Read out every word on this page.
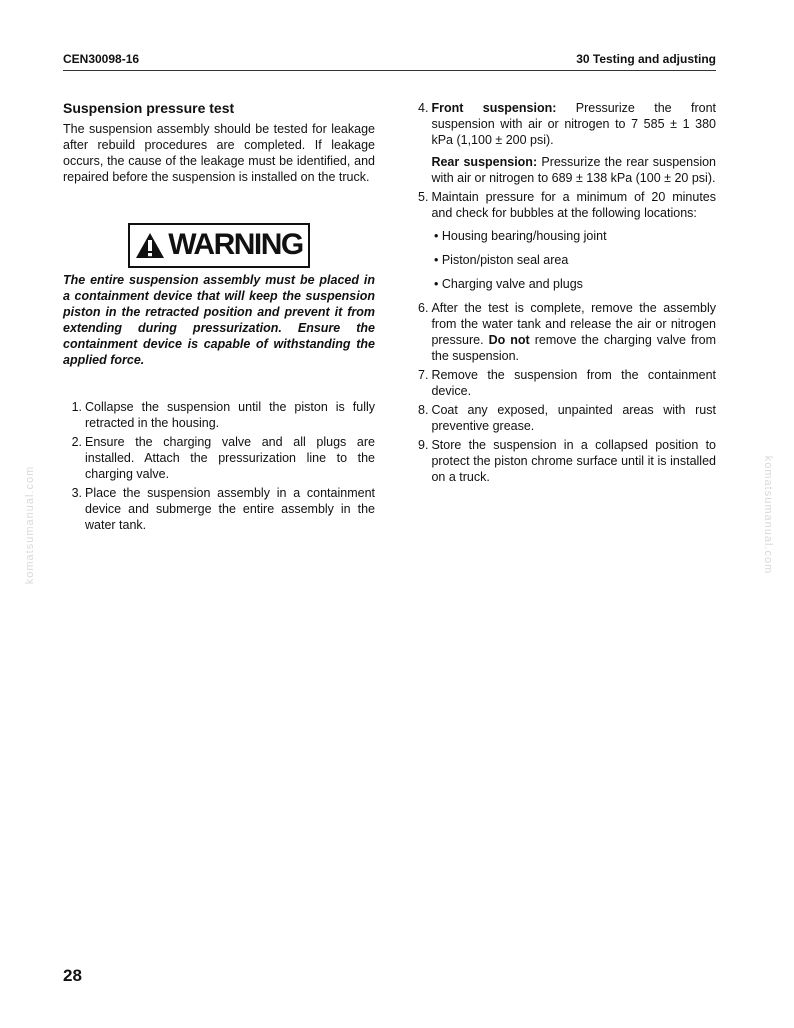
CEN30098-16	30 Testing and adjusting
komatsumanual.com	komatsumanual.com
Suspension pressure test

The suspension assembly should be tested for leakage after rebuild procedures are completed. If leakage occurs, the cause of the leakage must be identified, and repaired before the suspension is installed on the truck.

WARNING

The entire suspension assembly must be placed in a containment device that will keep the suspension piston in the retracted position and prevent it from extending during pressurization. Ensure the containment device is capable of withstanding the applied force.

1. Collapse the suspension until the piston is fully retracted in the housing.
2. Ensure the charging valve and all plugs are installed. Attach the pressurization line to the charging valve.
3. Place the suspension assembly in a containment device and submerge the entire assembly in the water tank.
4. Front suspension: Pressurize the front suspension with air or nitrogen to 7 585 ± 1 380 kPa (1,100 ± 200 psi).
Rear suspension: Pressurize the rear suspension with air or nitrogen to 689 ± 138 kPa (100 ± 20 psi).
5. Maintain pressure for a minimum of 20 minutes and check for bubbles at the following locations:
• Housing bearing/housing joint
• Piston/piston seal area
• Charging valve and plugs
6. After the test is complete, remove the assembly from the water tank and release the air or nitrogen pressure. Do not remove the charging valve from the suspension.
7. Remove the suspension from the containment device.
8. Coat any exposed, unpainted areas with rust preventive grease.
9. Store the suspension in a collapsed position to protect the piston chrome surface until it is installed on a truck.
28
